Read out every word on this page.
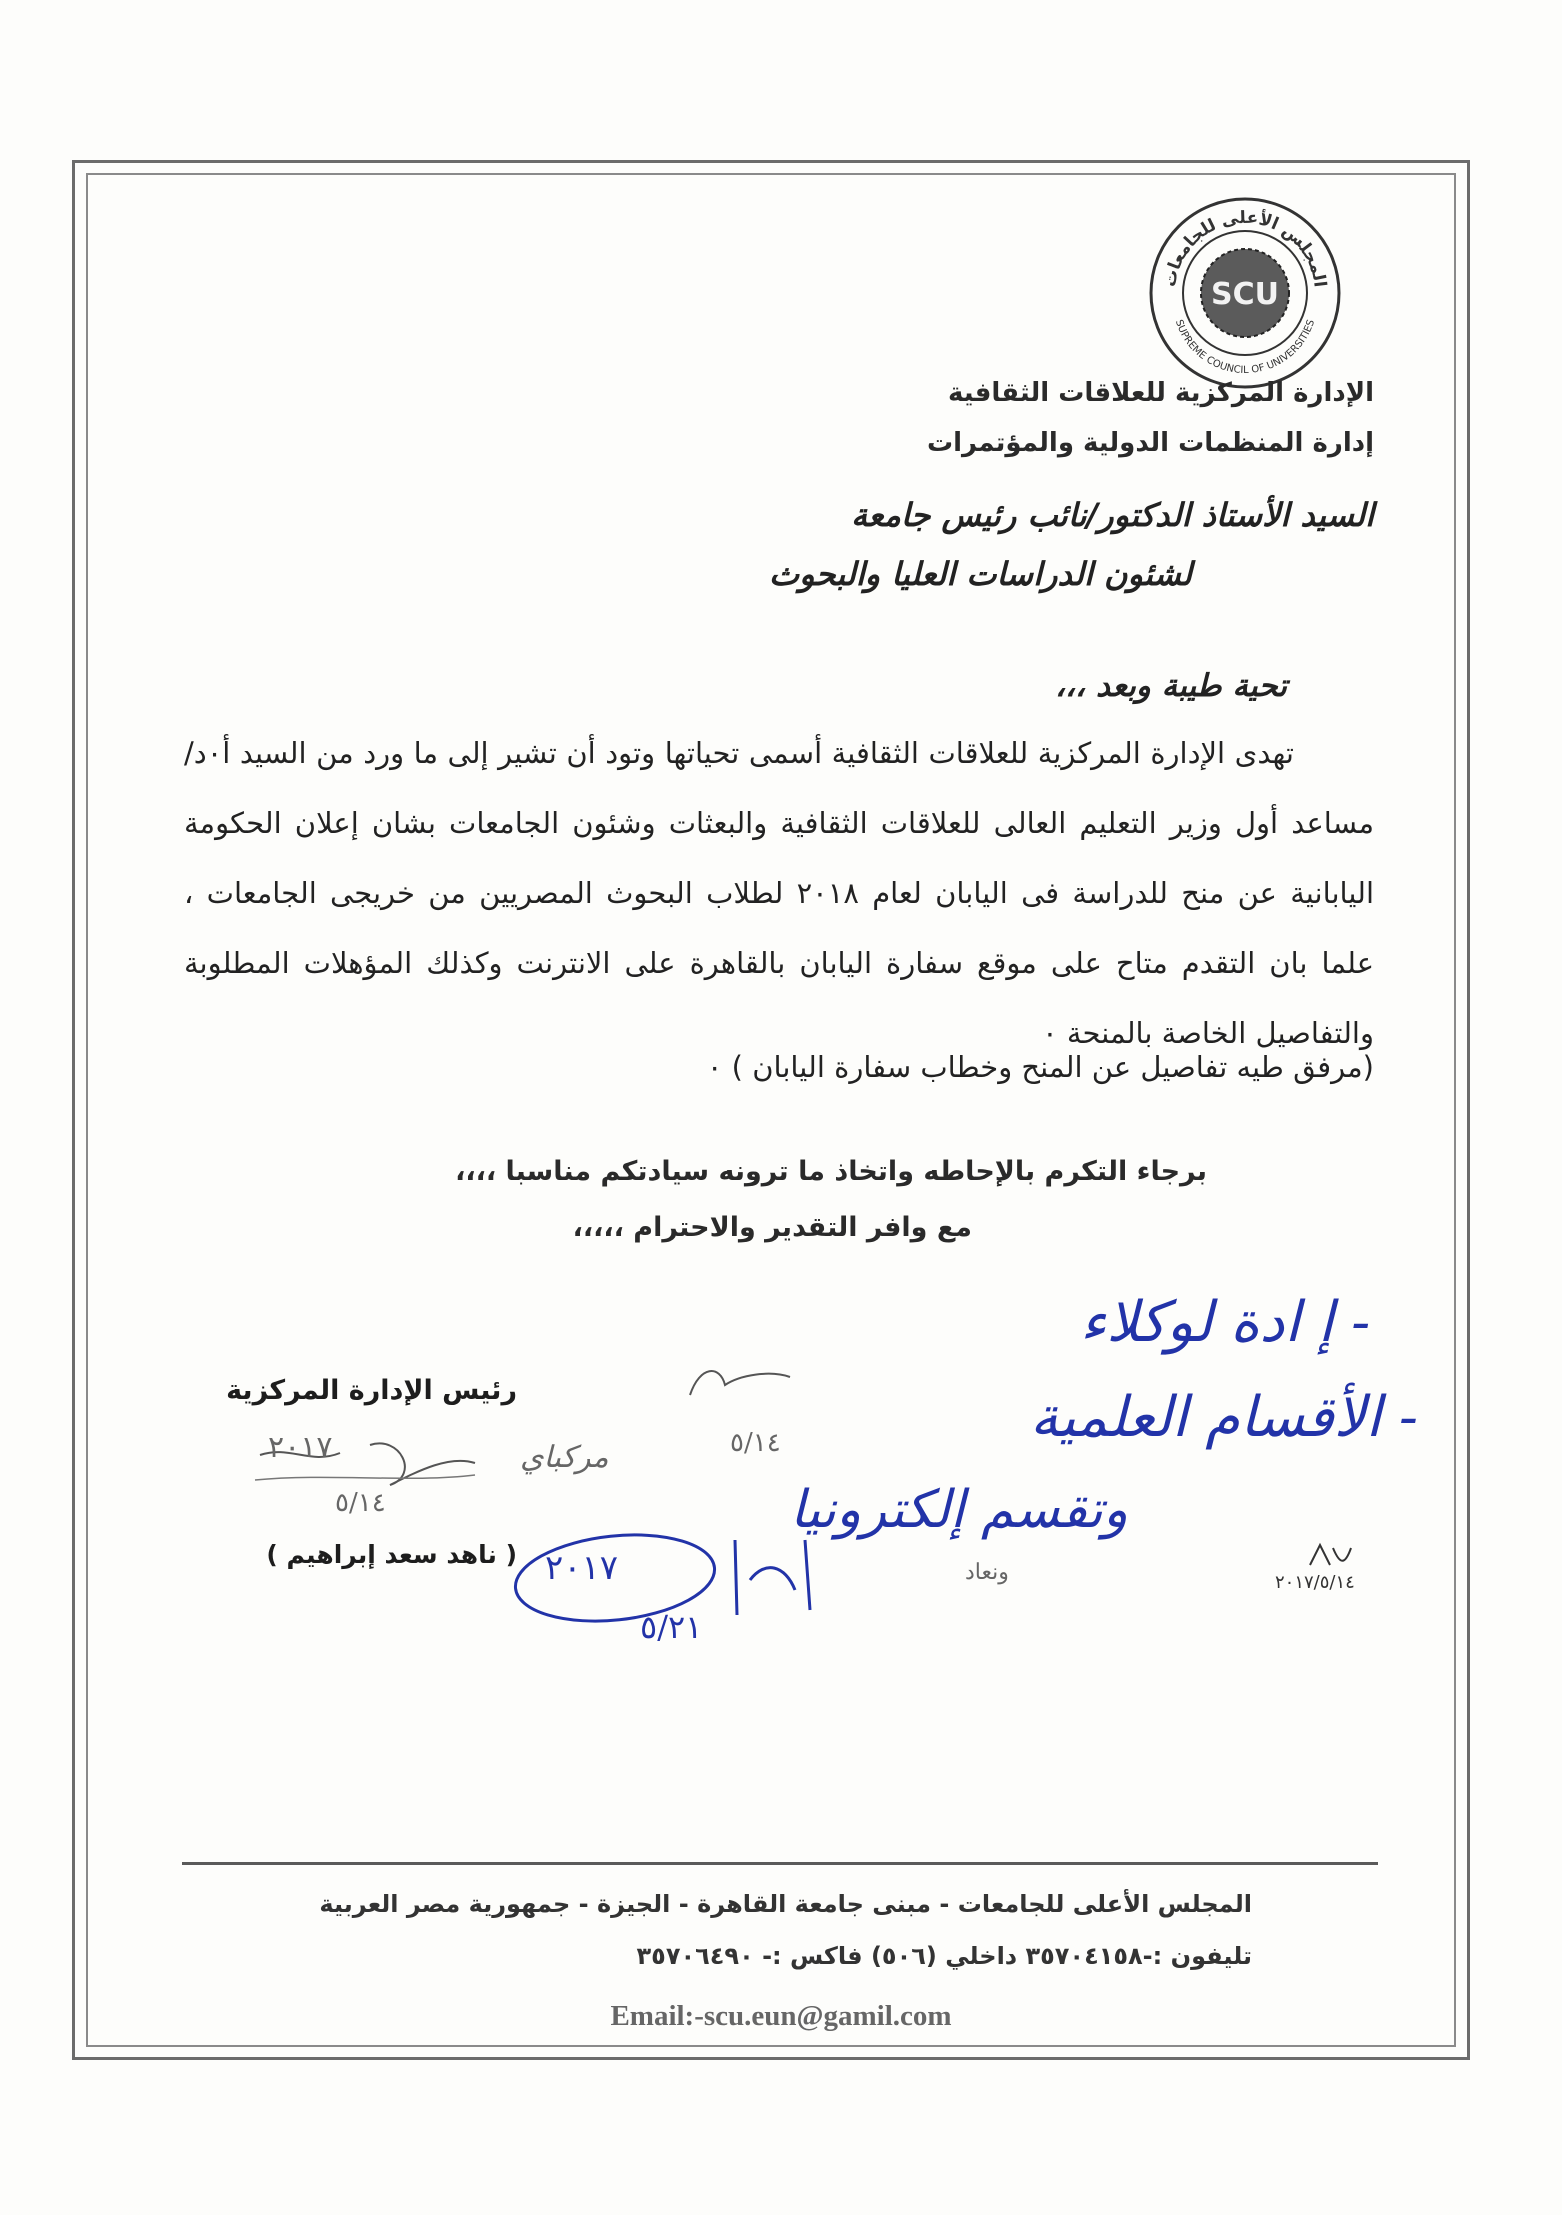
المجلس الأعلى للجامعات
SUPREME COUNCIL OF UNIVERSITIES
SCU
الإدارة المركزية للعلاقات الثقافية
إدارة المنظمات الدولية والمؤتمرات
السيد الأستاذ الدكتور/نائب رئيس جامعة
لشئون الدراسات العليا والبحوث
تحية طيبة وبعد ،،،

تهدى الإدارة المركزية للعلاقات الثقافية أسمى تحياتها وتود أن تشير إلى ما ورد من السيد أ٠د/ مساعد أول وزير التعليم العالى للعلاقات الثقافية والبعثات وشئون الجامعات بشان إعلان الحكومة اليابانية عن منح للدراسة فى اليابان لعام ٢٠١٨ لطلاب البحوث المصريين من خريجى الجامعات ، علما بان التقدم متاح على موقع سفارة اليابان بالقاهرة على الانترنت وكذلك المؤهلات المطلوبة والتفاصيل الخاصة بالمنحة ٠

(مرفق طيه تفاصيل عن المنح وخطاب سفارة اليابان ) ٠
برجاء التكرم بالإحاطه واتخاذ ما ترونه سيادتكم مناسبا ،،،،
مع وافر التقدير والاحترام ،،،،،
رئيس الإدارة المركزية
( ناهد سعد إبراهيم )
٢٠١٧
٥/١٤
مركباي	٥/١٤
٢٠١٧
٥/٢١
- إ ادة لوكلاء
- الأقسام العلمية
وتقسم إلكترونيا
ونعاد	٢٠١٧/٥/١٤
المجلس الأعلى للجامعات - مبنى جامعة القاهرة - الجيزة - جمهورية مصر العربية
تليفون :-٣٥٧٠٤١٥٨ داخلي (٥٠٦) فاكس :- ٣٥٧٠٦٤٩٠
Email:-scu.eun@gamil.com
